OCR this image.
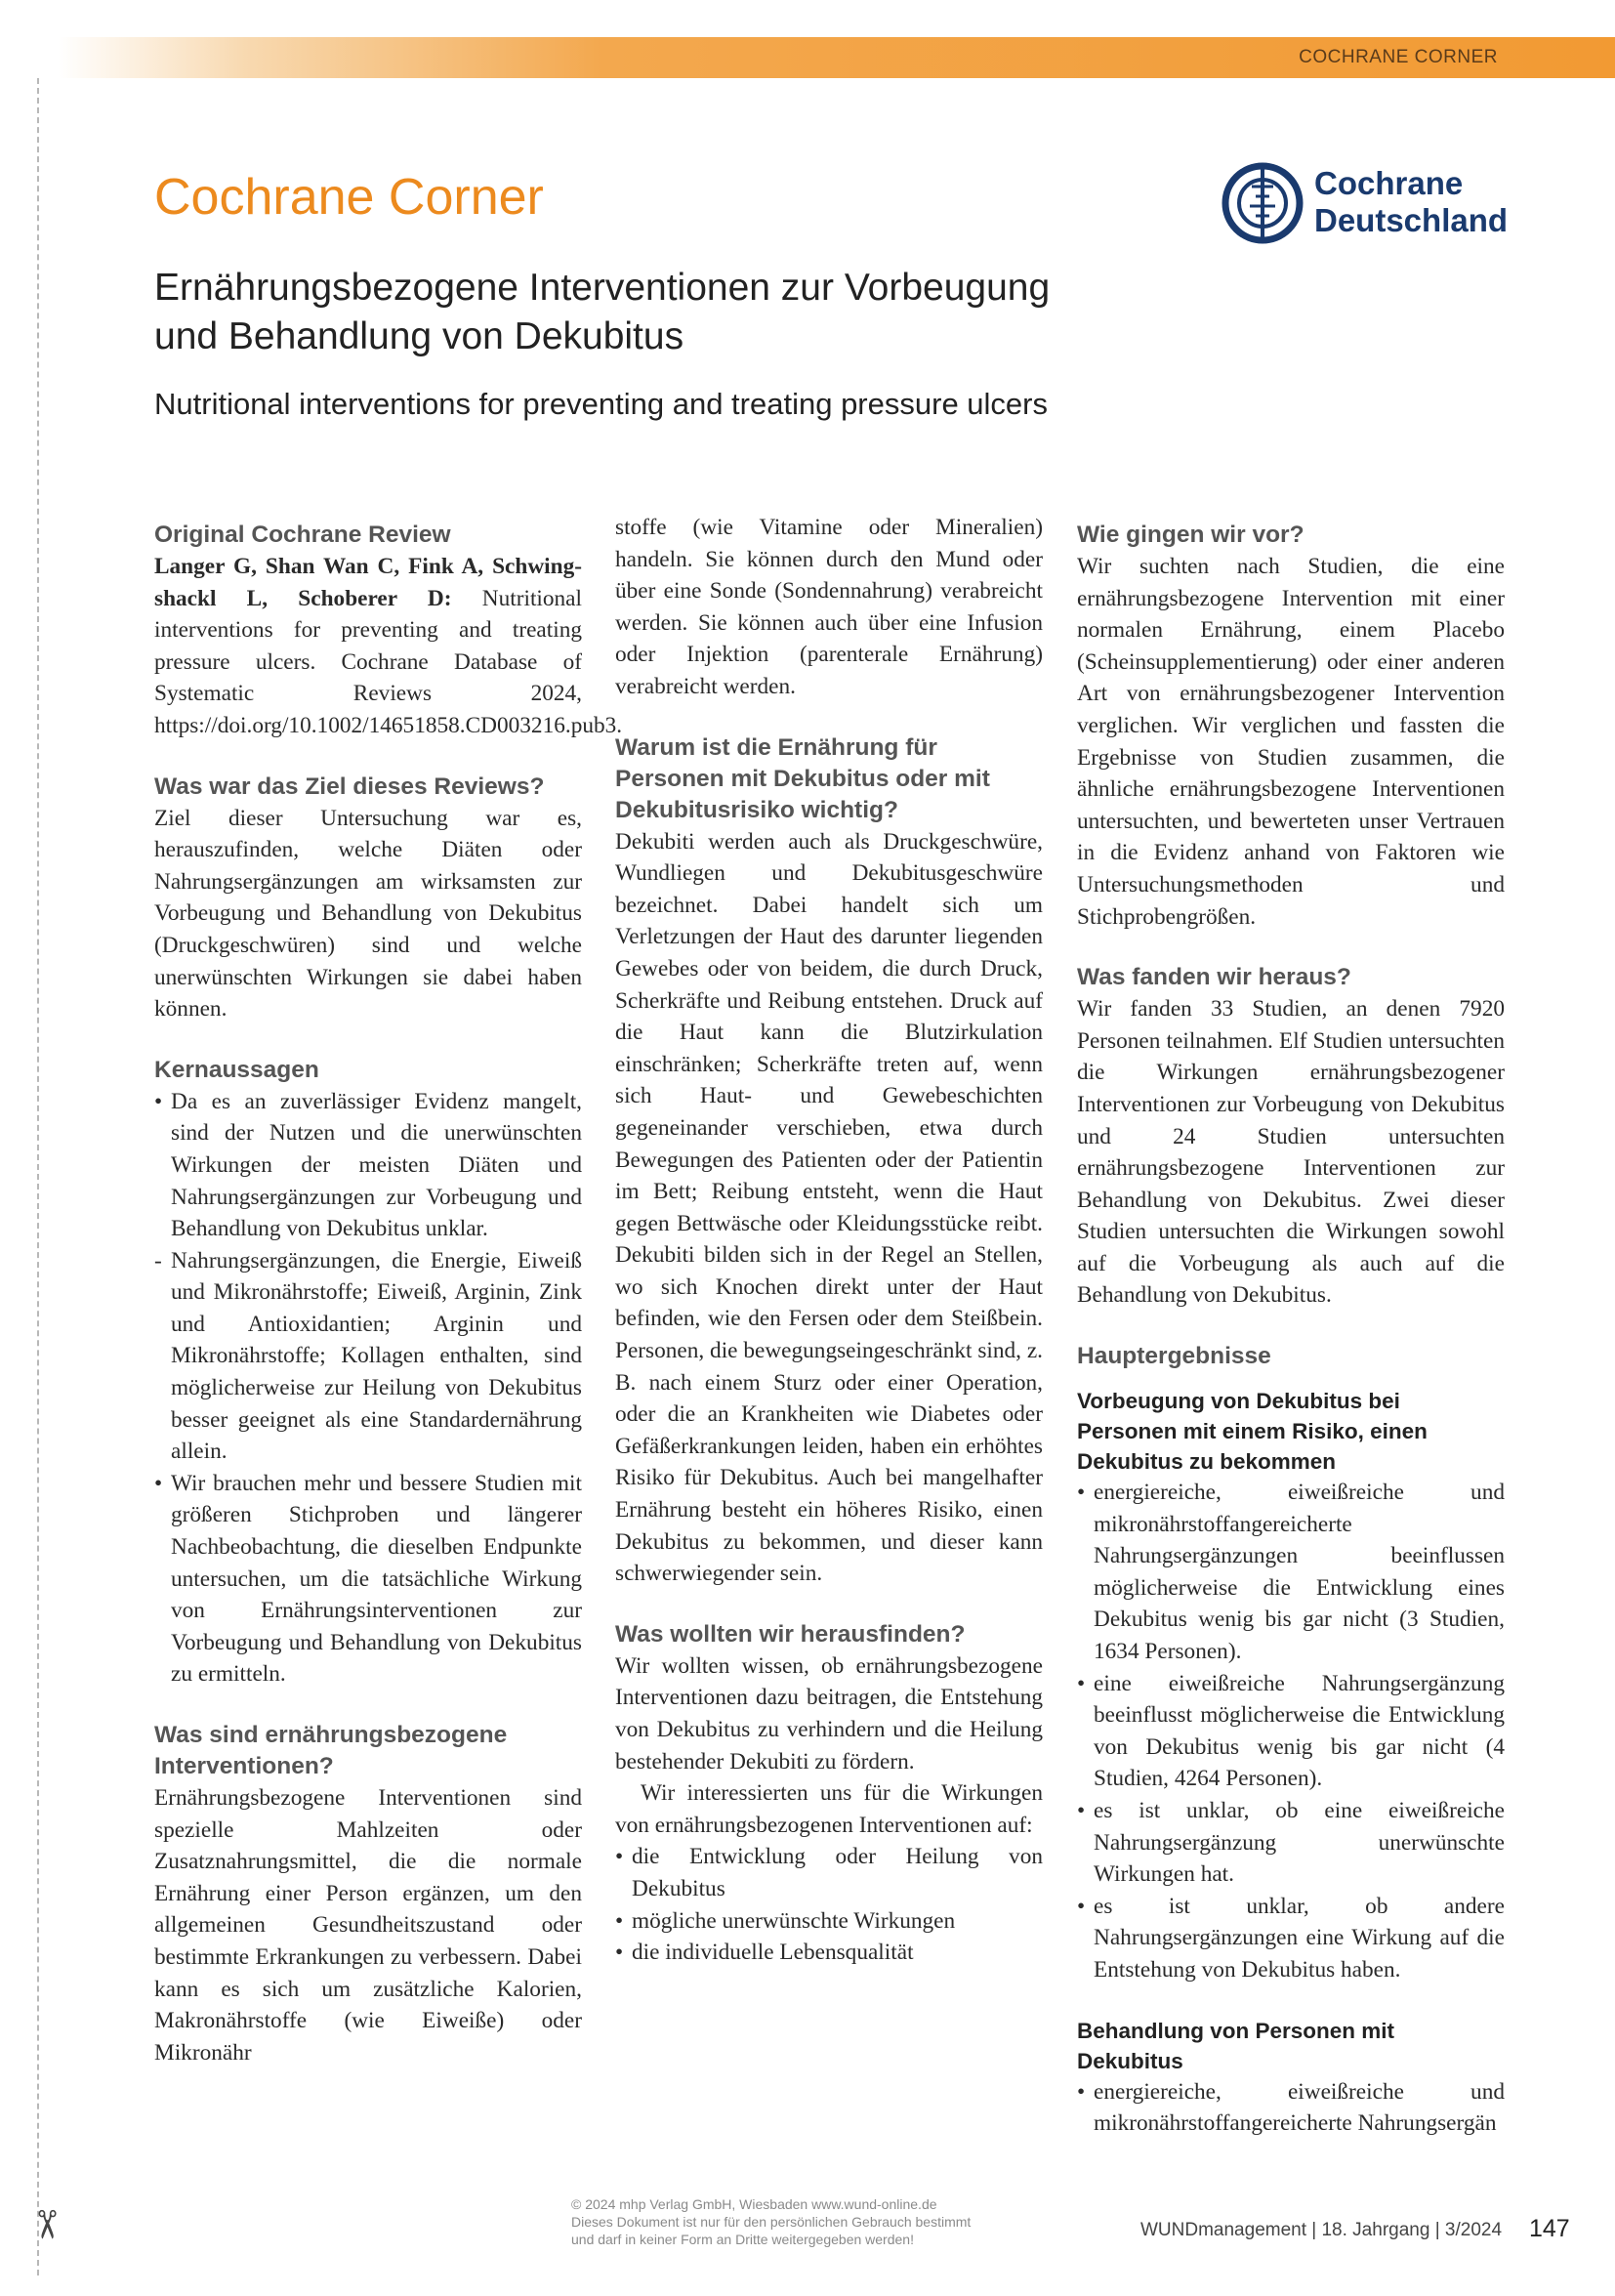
COCHRANE CORNER
✂
Cochrane Corner	Cochrane
Deutschland
Ernährungsbezogene Interventionen zur Vorbeugung
und Behandlung von Dekubitus

Nutritional interventions for preventing and treating pressure ulcers

Original Cochrane Review

Langer G, Shan Wan C, Fink A, Schwingshackl L, Schoberer D: Nutritional interventions for preventing and treating pressure ulcers. Cochrane Database of Systematic Reviews 2024, https://doi.org/10.1002/14651858.CD003216.pub3.

Was war das Ziel dieses Reviews?

Ziel dieser Untersuchung war es, herauszufinden, welche Diäten oder Nahrungsergänzungen am wirksamsten zur Vorbeugung und Behandlung von Dekubitus (Druckgeschwüren) sind und welche unerwünschten Wirkungen sie dabei haben können.

Kernaussagen
• Da es an zuverlässiger Evidenz mangelt, sind der Nutzen und die unerwünschten Wirkungen der meisten Diäten und Nahrungsergänzungen zur Vorbeugung und Behandlung von Dekubitus unklar.
- Nahrungsergänzungen, die Energie, Eiweiß und Mikronährstoffe; Eiweiß, Arginin, Zink und Antioxidantien; Arginin und Mikronährstoffe; Kollagen enthalten, sind möglicherweise zur Heilung von Dekubitus besser geeignet als eine Standardernährung allein.
• Wir brauchen mehr und bessere Studien mit größeren Stichproben und längerer Nachbeobachtung, die dieselben Endpunkte untersuchen, um die tatsächliche Wirkung von Ernährungsinterventionen zur Vorbeugung und Behandlung von Dekubitus zu ermitteln.
Was sind ernährungsbezogene Interventionen?

Ernährungsbezogene Interventionen sind spezielle Mahlzeiten oder Zusatznahrungsmittel, die die normale Ernährung einer Person ergänzen, um den allgemeinen Gesundheitszustand oder bestimmte Erkrankungen zu verbessern. Dabei kann es sich um zusätzliche Kalorien, Makronährstoffe (wie Eiweiße) oder Mikronähr

stoffe (wie Vitamine oder Mineralien) handeln. Sie können durch den Mund oder über eine Sonde (Sondennahrung) verabreicht werden. Sie können auch über eine Infusion oder Injektion (parenterale Ernährung) verabreicht werden.

Warum ist die Ernährung für Personen mit Dekubitus oder mit Dekubitusrisiko wichtig?

Dekubiti werden auch als Druckgeschwüre, Wundliegen und Dekubitusgeschwüre bezeichnet. Dabei handelt sich um Verletzungen der Haut des darunter liegenden Gewebes oder von beidem, die durch Druck, Scherkräfte und Reibung entstehen. Druck auf die Haut kann die Blutzirkulation einschränken; Scherkräfte treten auf, wenn sich Haut- und Gewebeschichten gegeneinander verschieben, etwa durch Bewegungen des Patienten oder der Patientin im Bett; Reibung entsteht, wenn die Haut gegen Bettwäsche oder Kleidungsstücke reibt. Dekubiti bilden sich in der Regel an Stellen, wo sich Knochen direkt unter der Haut befinden, wie den Fersen oder dem Steißbein. Personen, die bewegungseingeschränkt sind, z. B. nach einem Sturz oder einer Operation, oder die an Krankheiten wie Diabetes oder Gefäßerkrankungen leiden, haben ein erhöhtes Risiko für Dekubitus. Auch bei mangelhafter Ernährung besteht ein höheres Risiko, einen Dekubitus zu bekommen, und dieser kann schwerwiegender sein.

Was wollten wir herausfinden?

Wir wollten wissen, ob ernährungsbezogene Interventionen dazu beitragen, die Entstehung von Dekubitus zu verhindern und die Heilung bestehender Dekubiti zu fördern.

Wir interessierten uns für die Wirkungen von ernährungsbezogenen Interventionen auf:

• die Entwicklung oder Heilung von Dekubitus
• mögliche unerwünschte Wirkungen
• die individuelle Lebensqualität
Wie gingen wir vor?

Wir suchten nach Studien, die eine ernährungsbezogene Intervention mit einer normalen Ernährung, einem Placebo (Scheinsupplementierung) oder einer anderen Art von ernährungsbezogener Intervention verglichen. Wir verglichen und fassten die Ergebnisse von Studien zusammen, die ähnliche ernährungsbezogene Interventionen untersuchten, und bewerteten unser Vertrauen in die Evidenz anhand von Faktoren wie Untersuchungsmethoden und Stichprobengrößen.

Was fanden wir heraus?

Wir fanden 33 Studien, an denen 7920 Personen teilnahmen. Elf Studien untersuchten die Wirkungen ernährungsbezogener Interventionen zur Vorbeugung von Dekubitus und 24 Studien untersuchten ernährungsbezogene Interventionen zur Behandlung von Dekubitus. Zwei dieser Studien untersuchten die Wirkungen sowohl auf die Vorbeugung als auch auf die Behandlung von Dekubitus.

Hauptergebnisse
Vorbeugung von Dekubitus bei Personen mit einem Risiko, einen Dekubitus zu bekommen
• energiereiche, eiweißreiche und mikronährstoffangereicherte Nahrungsergänzungen beeinflussen möglicherweise die Entwicklung eines Dekubitus wenig bis gar nicht (3 Studien, 1634 Personen).
• eine eiweißreiche Nahrungsergänzung beeinflusst möglicherweise die Entwicklung von Dekubitus wenig bis gar nicht (4 Studien, 4264 Personen).
• es ist unklar, ob eine eiweißreiche Nahrungsergänzung unerwünschte Wirkungen hat.
• es ist unklar, ob andere Nahrungsergänzungen eine Wirkung auf die Entstehung von Dekubitus haben.
Behandlung von Personen mit Dekubitus
• energiereiche, eiweißreiche und mikronährstoffangereicherte Nahrungsergän
© 2024 mhp Verlag GmbH, Wiesbaden www.wund-online.de
Dieses Dokument ist nur für den persönlichen Gebrauch bestimmt
und darf in keiner Form an Dritte weitergegeben werden!	WUNDmanagement | 18. Jahrgang | 3/2024 147
